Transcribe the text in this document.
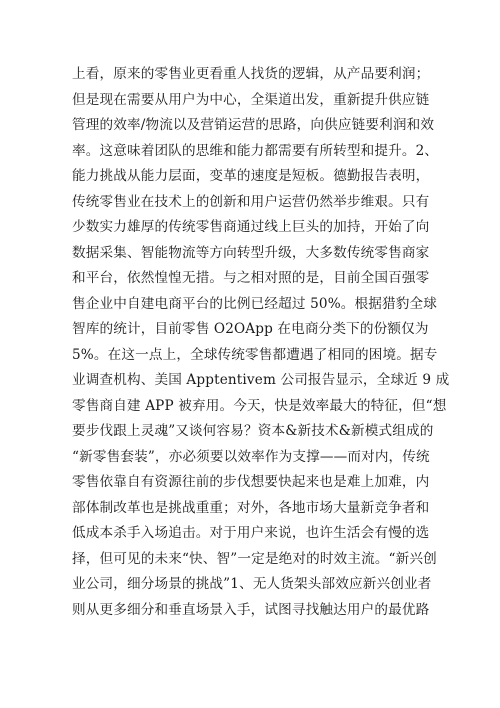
上看，原来的零售业更看重人找货的逻辑，从产品要利润；
但是现在需要从用户为中心，全渠道出发，重新提升供应链
管理的效率/物流以及营销运营的思路，向供应链要利润和效
率。这意味着团队的思维和能力都需要有所转型和提升。2、
能力挑战从能力层面，变革的速度是短板。德勤报告表明，
传统零售业在技术上的创新和用户运营仍然举步维艰。只有
少数实力雄厚的传统零售商通过线上巨头的加持，开始了向
数据采集、智能物流等方向转型升级，大多数传统零售商家
和平台，依然惶惶无措。与之相对照的是，目前全国百强零
售企业中自建电商平台的比例已经超过 50%。根据猎豹全球
智库的统计，目前零售 O2OApp 在电商分类下的份额仅为
5%。在这一点上，全球传统零售都遭遇了相同的困境。据专
业调查机构、美国 Apptentivem 公司报告显示，全球近 9 成
零售商自建 APP 被弃用。今天，快是效率最大的特征，但“想
要步伐跟上灵魂”又谈何容易？资本&新技术&新模式组成的
“新零售套装”，亦必须要以效率作为支撑——而对内，传统
零售依靠自有资源往前的步伐想要快起来也是难上加难，内
部体制改革也是挑战重重；对外，各地市场大量新竞争者和
低成本杀手入场追击。对于用户来说，也许生活会有慢的选
择，但可见的未来“快、智”一定是绝对的时效主流。“新兴创
业公司，细分场景的挑战”1、无人货架头部效应新兴创业者
则从更多细分和垂直场景入手，试图寻找触达用户的最优路
